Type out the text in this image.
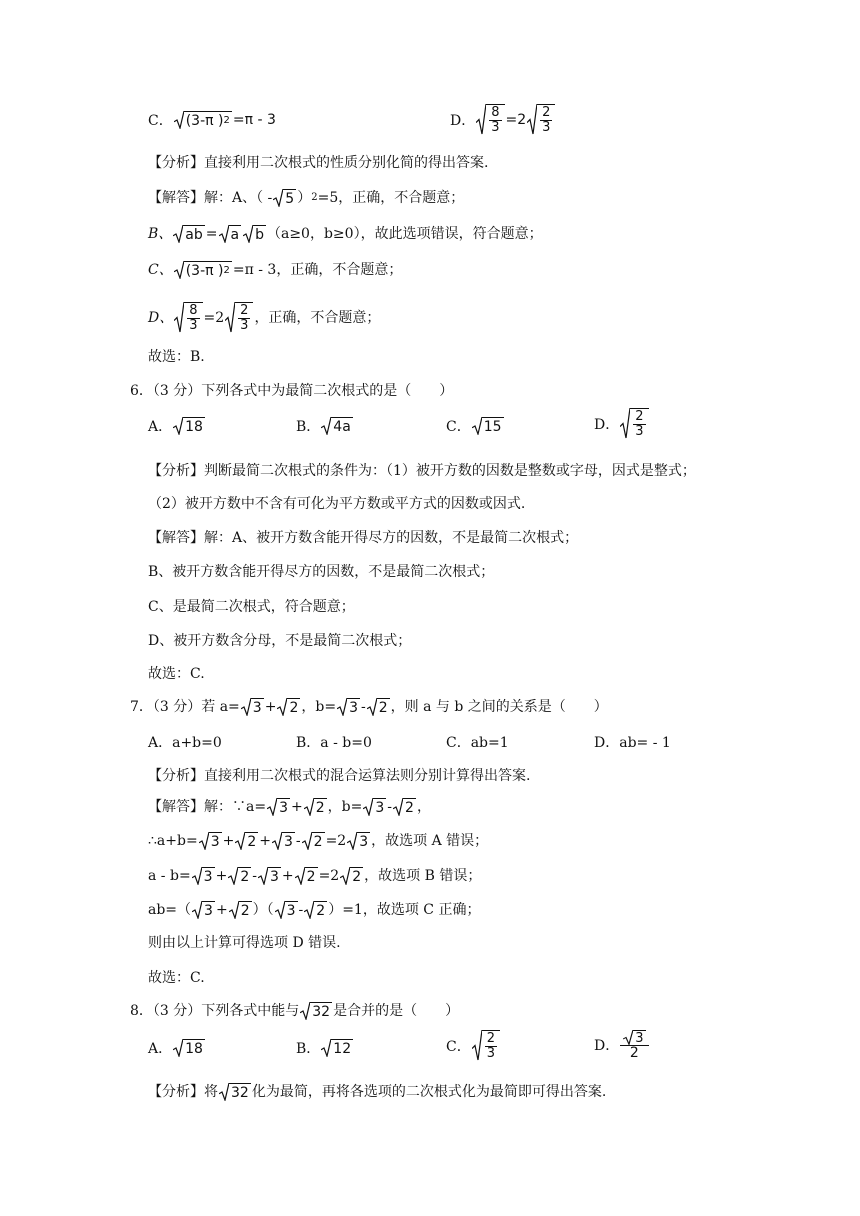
C． (3-π ) 2 =π - 3	D． $\frac{8}{3} =2 \frac{2}{3}$
【分析】直接利用二次根式的性质分别化简的得出答案.
【解答】解：A、（ - 5 ） 2 =5，正确，不合题意；
B、 ab = a b （a≥0，b≥0），故此选项错误，符合题意；
C、 (3-π ) 2 =π - 3，正确，不合题意；
D、 $\frac{8}{3} =2 \frac{2}{3}$ ，正确，不合题意；
故选：B.
6．（3 分）下列各式中为最简二次根式的是（　　）
A． 18	B． 4a	C． 15	D． $\frac{2}{3}$
【分析】判断最简二次根式的条件为：（1）被开方数的因数是整数或字母，因式是整式；
（2）被开方数中不含有可化为平方数或平方式的因数或因式.
【解答】解：A、被开方数含能开得尽方的因数，不是最简二次根式；
B、被开方数含能开得尽方的因数，不是最简二次根式；
C、是最简二次根式，符合题意；
D、被开方数含分母，不是最简二次根式；
故选：C.
7．（3 分）若 a= 3 + 2 ，b= 3 - 2 ，则 a 与 b 之间的关系是（　　）
A．a+b=0	B．a - b=0	C．ab=1	D．ab= - 1
【分析】直接利用二次根式的混合运算法则分别计算得出答案.
【解答】解：∵a= 3 + 2 ，b= 3 - 2 ，
∴a+b= 3 + 2 + 3 - 2 =2 3 ，故选项 A 错误；
a - b= 3 + 2 - 3 + 2 =2 2 ，故选项 B 错误；
ab=（ 3 + 2 ）（ 3 - 2 ）=1，故选项 C 正确；
则由以上计算可得选项 D 错误.
故选：C.
8．（3 分）下列各式中能与 32 是合并的是（　　）
A． 18	B． 12	C． $\frac{2}{3}$	D． $\frac{3}{2}$
【分析】将 32 化为最简，再将各选项的二次根式化为最简即可得出答案.
